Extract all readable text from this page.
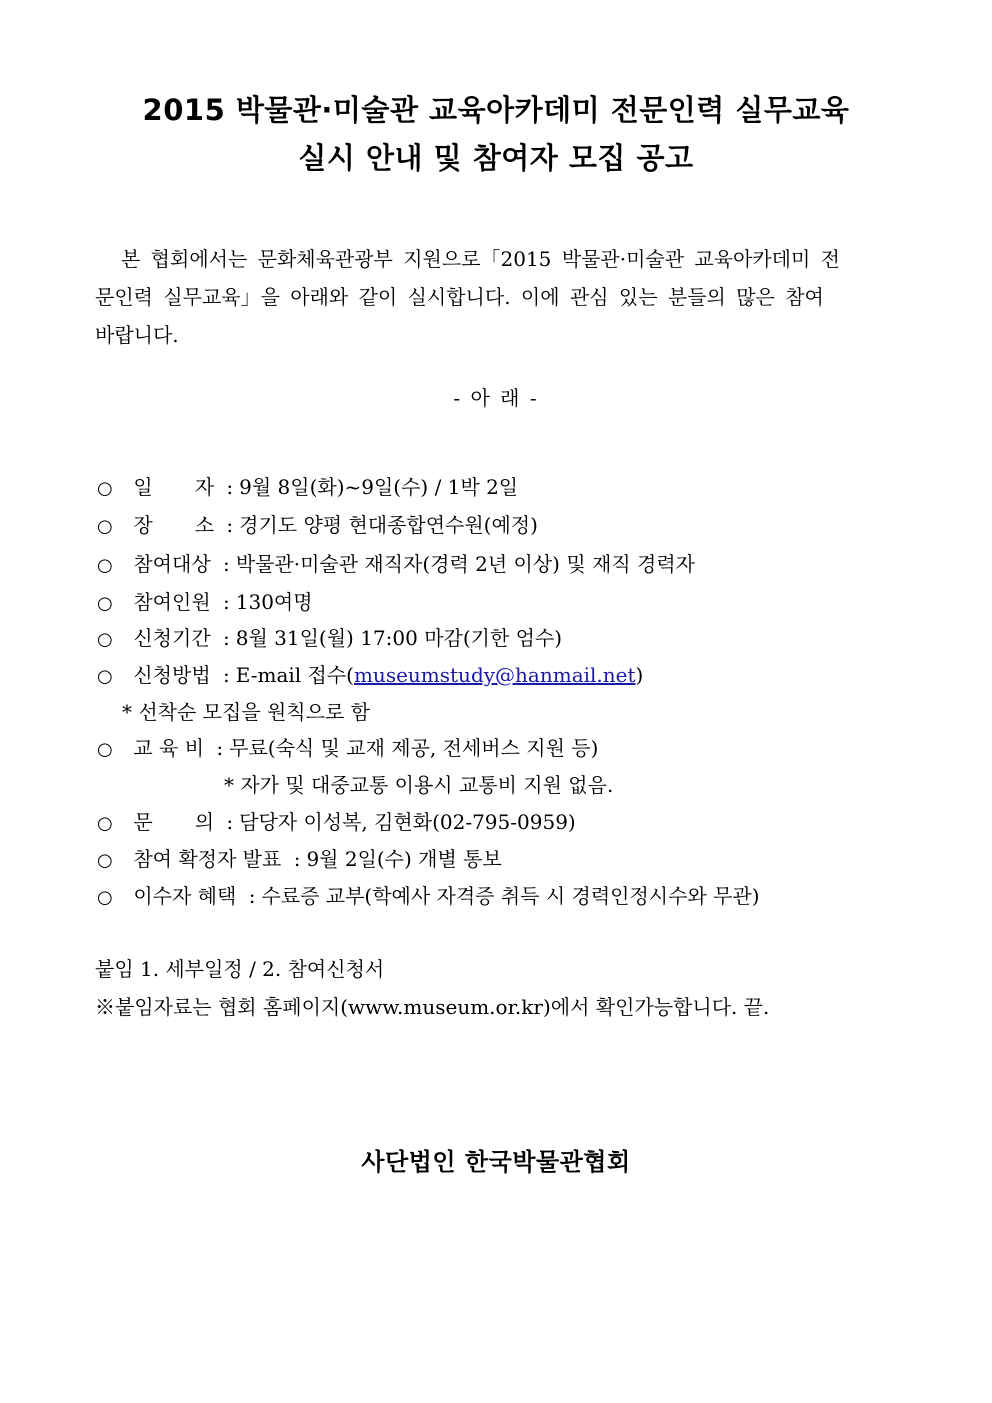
2015 박물관·미술관 교육아카데미 전문인력 실무교육
실시 안내 및 참여자 모집 공고
본 협회에서는 문화체육관광부 지원으로「2015 박물관·미술관 교육아카데미 전
문인력 실무교육」을 아래와 같이 실시합니다. 이에 관심 있는 분들의 많은 참여
바랍니다.
- 아 래 -
○ 일 자 : 9월 8일(화)~9일(수) / 1박 2일
○ 장 소 : 경기도 양평 현대종합연수원(예정)
○ 참여대상 : 박물관·미술관 재직자(경력 2년 이상) 및 재직 경력자
○ 참여인원 : 130여명
○ 신청기간 : 8월 31일(월) 17:00 마감(기한 엄수)
○ 신청방법 : E-mail 접수(museumstudy@hanmail.net)
* 선착순 모집을 원칙으로 함
○ 교 육 비 : 무료(숙식 및 교재 제공, 전세버스 지원 등)
* 자가 및 대중교통 이용시 교통비 지원 없음.
○ 문 의 : 담당자 이성복, 김현화(02-795-0959)
○ 참여 확정자 발표 : 9월 2일(수) 개별 통보
○ 이수자 혜택 : 수료증 교부(학예사 자격증 취득 시 경력인정시수와 무관)
붙임 1. 세부일정 / 2. 참여신청서
※붙임자료는 협회 홈페이지(www.museum.or.kr)에서 확인가능합니다. 끝.
사단법인 한국박물관협회
